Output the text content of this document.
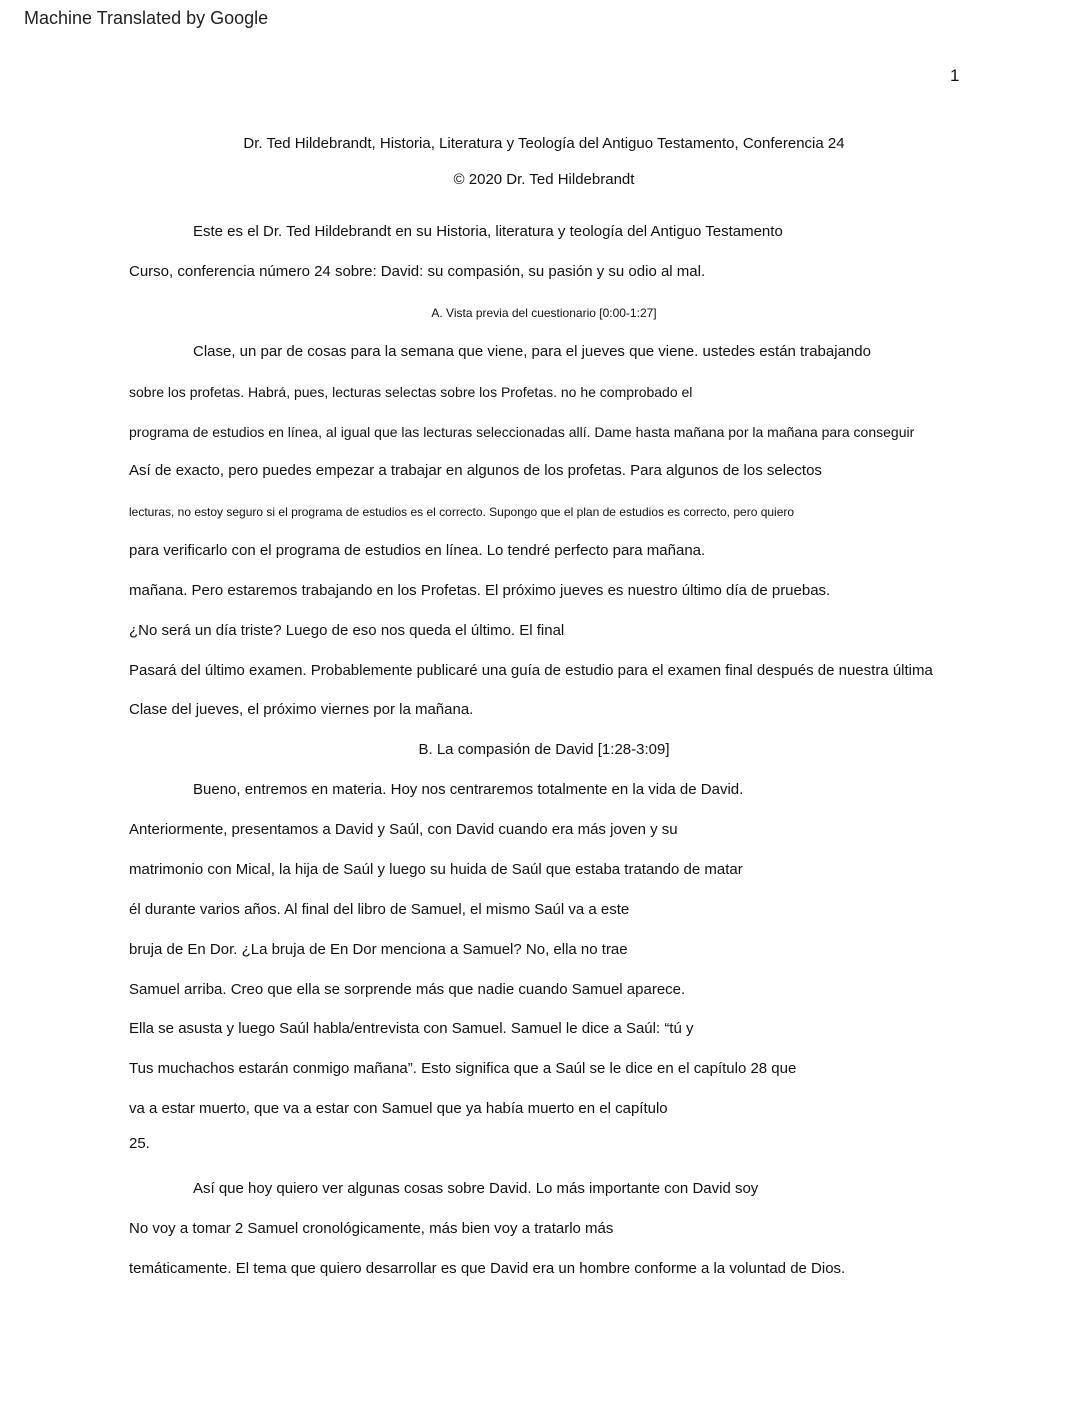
Machine Translated by Google
1
Dr. Ted Hildebrandt, Historia, Literatura y Teología del Antiguo Testamento, Conferencia 24
© 2020 Dr. Ted Hildebrandt
Este es el Dr. Ted Hildebrandt en su Historia, literatura y teología del Antiguo Testamento
Curso, conferencia número 24 sobre: David: su compasión, su pasión y su odio al mal.
A. Vista previa del cuestionario [0:00-1:27]
Clase, un par de cosas para la semana que viene, para el jueves que viene. ustedes están trabajando
sobre los profetas. Habrá, pues, lecturas selectas sobre los Profetas. no he comprobado el
programa de estudios en línea, al igual que las lecturas seleccionadas allí. Dame hasta mañana por la mañana para conseguir
Así de exacto, pero puedes empezar a trabajar en algunos de los profetas. Para algunos de los selectos
lecturas, no estoy seguro si el programa de estudios es el correcto. Supongo que el plan de estudios es correcto, pero quiero
para verificarlo con el programa de estudios en línea. Lo tendré perfecto para mañana.
mañana. Pero estaremos trabajando en los Profetas. El próximo jueves es nuestro último día de pruebas.
¿No será un día triste? Luego de eso nos queda el último. El final
Pasará del último examen. Probablemente publicaré una guía de estudio para el examen final después de nuestra última
Clase del jueves, el próximo viernes por la mañana.
B. La compasión de David [1:28-3:09]
Bueno, entremos en materia. Hoy nos centraremos totalmente en la vida de David.
Anteriormente, presentamos a David y Saúl, con David cuando era más joven y su
matrimonio con Mical, la hija de Saúl y luego su huida de Saúl que estaba tratando de matar
él durante varios años. Al final del libro de Samuel, el mismo Saúl va a este
bruja de En Dor. ¿La bruja de En Dor menciona a Samuel? No, ella no trae
Samuel arriba. Creo que ella se sorprende más que nadie cuando Samuel aparece.
Ella se asusta y luego Saúl habla/entrevista con Samuel. Samuel le dice a Saúl: “tú y
Tus muchachos estarán conmigo mañana”. Esto significa que a Saúl se le dice en el capítulo 28 que
va a estar muerto, que va a estar con Samuel que ya había muerto en el capítulo
25.
Así que hoy quiero ver algunas cosas sobre David. Lo más importante con David soy
No voy a tomar 2 Samuel cronológicamente, más bien voy a tratarlo más
temáticamente. El tema que quiero desarrollar es que David era un hombre conforme a la voluntad de Dios.
